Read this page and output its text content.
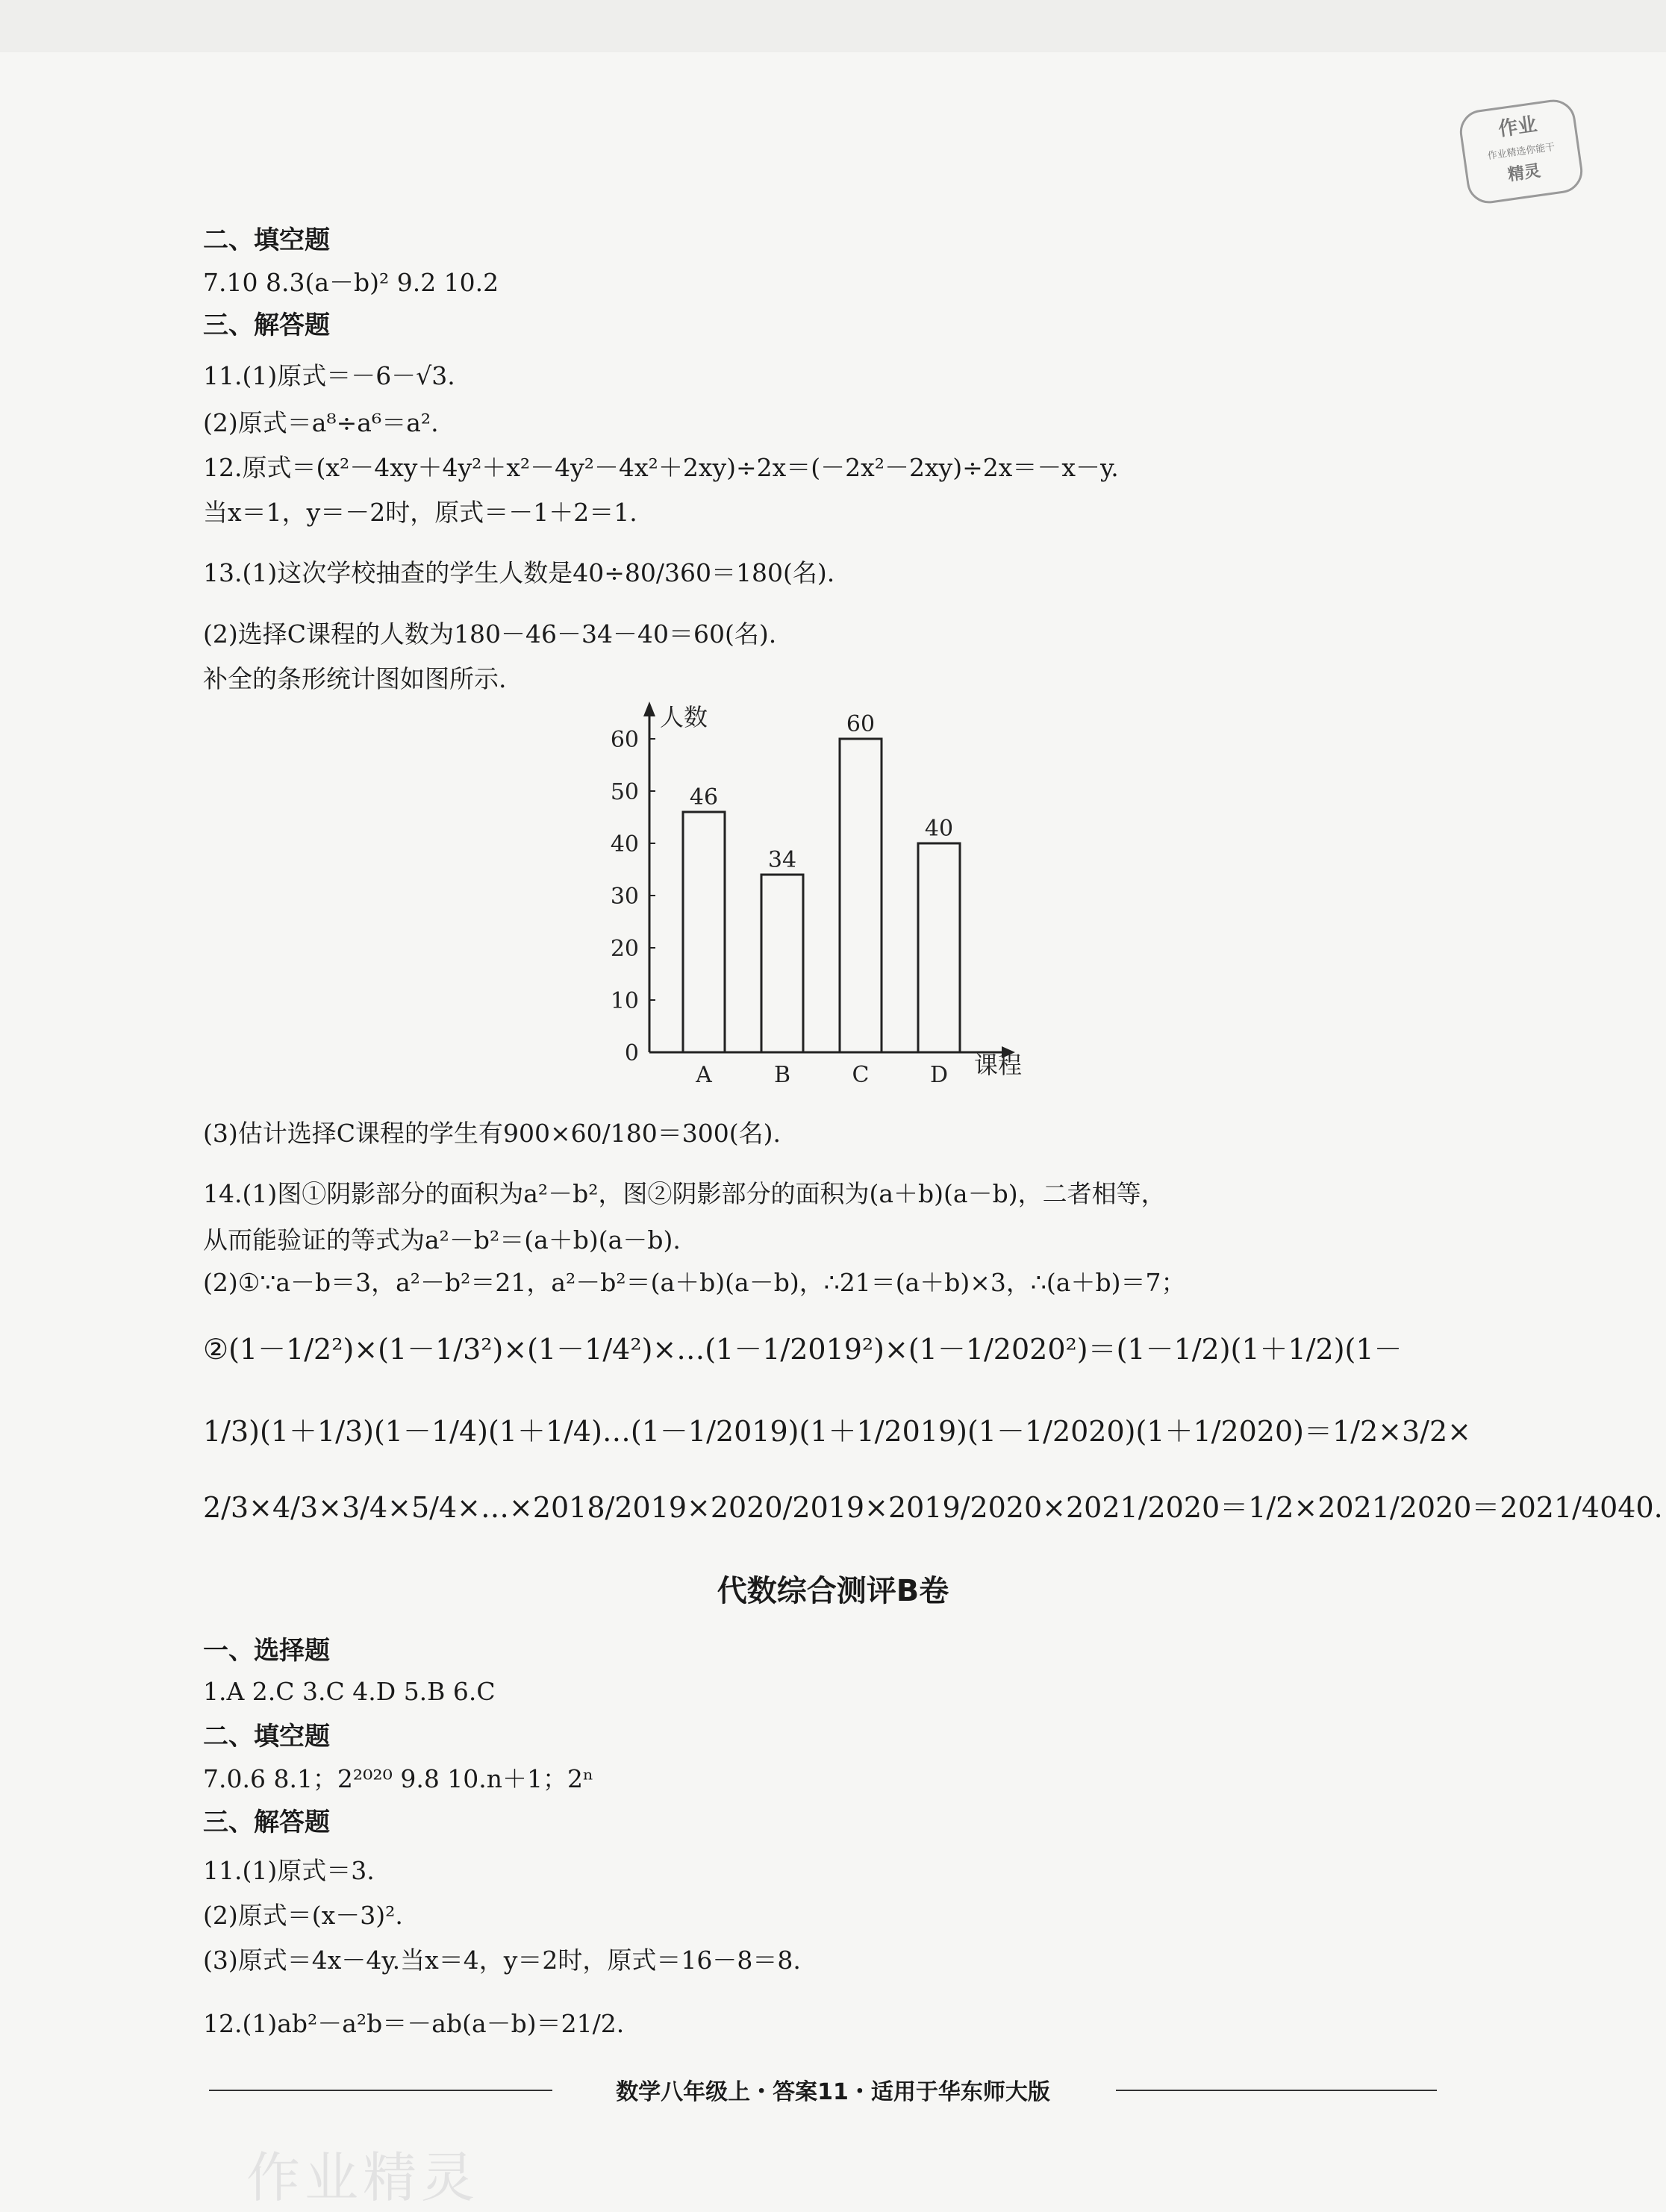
作业
作业精选你能干
精灵
二、填空题
7.10 8.3(a－b)² 9.2 10.2
三、解答题
11.(1)原式＝－6－√3.
(2)原式＝a⁸÷a⁶＝a².
12.原式＝(x²－4xy＋4y²＋x²－4y²－4x²＋2xy)÷2x＝(－2x²－2xy)÷2x＝－x－y.
当x＝1，y＝－2时，原式＝－1＋2＝1.
13.(1)这次学校抽查的学生人数是40÷80/360＝180(名).
(2)选择C课程的人数为180－46－34－40＝60(名).
补全的条形统计图如图所示.
0
10
20
30
40
50
60
人数
课程
46
A
34
B
60
C
40
D
(3)估计选择C课程的学生有900×60/180＝300(名).
14.(1)图①阴影部分的面积为a²－b²，图②阴影部分的面积为(a＋b)(a－b)，二者相等，
从而能验证的等式为a²－b²＝(a＋b)(a－b).
(2)①∵a－b＝3，a²－b²＝21，a²－b²＝(a＋b)(a－b)，∴21＝(a＋b)×3，∴(a＋b)＝7；
②(1－1/2²)×(1－1/3²)×(1－1/4²)×…(1－1/2019²)×(1－1/2020²)＝(1－1/2)(1＋1/2)(1－
1/3)(1＋1/3)(1－1/4)(1＋1/4)…(1－1/2019)(1＋1/2019)(1－1/2020)(1＋1/2020)＝1/2×3/2×
2/3×4/3×3/4×5/4×…×2018/2019×2020/2019×2019/2020×2021/2020＝1/2×2021/2020＝2021/4040.
代数综合测评B卷
一、选择题
1.A 2.C 3.C 4.D 5.B 6.C
二、填空题
7.0.6 8.1；2²⁰²⁰ 9.8 10.n＋1；2ⁿ
三、解答题
11.(1)原式＝3.
(2)原式＝(x－3)².
(3)原式＝4x－4y.当x＝4，y＝2时，原式＝16－8＝8.
12.(1)ab²－a²b＝－ab(a－b)＝21/2.
数学八年级上・答案11・适用于华东师大版
作业精灵
